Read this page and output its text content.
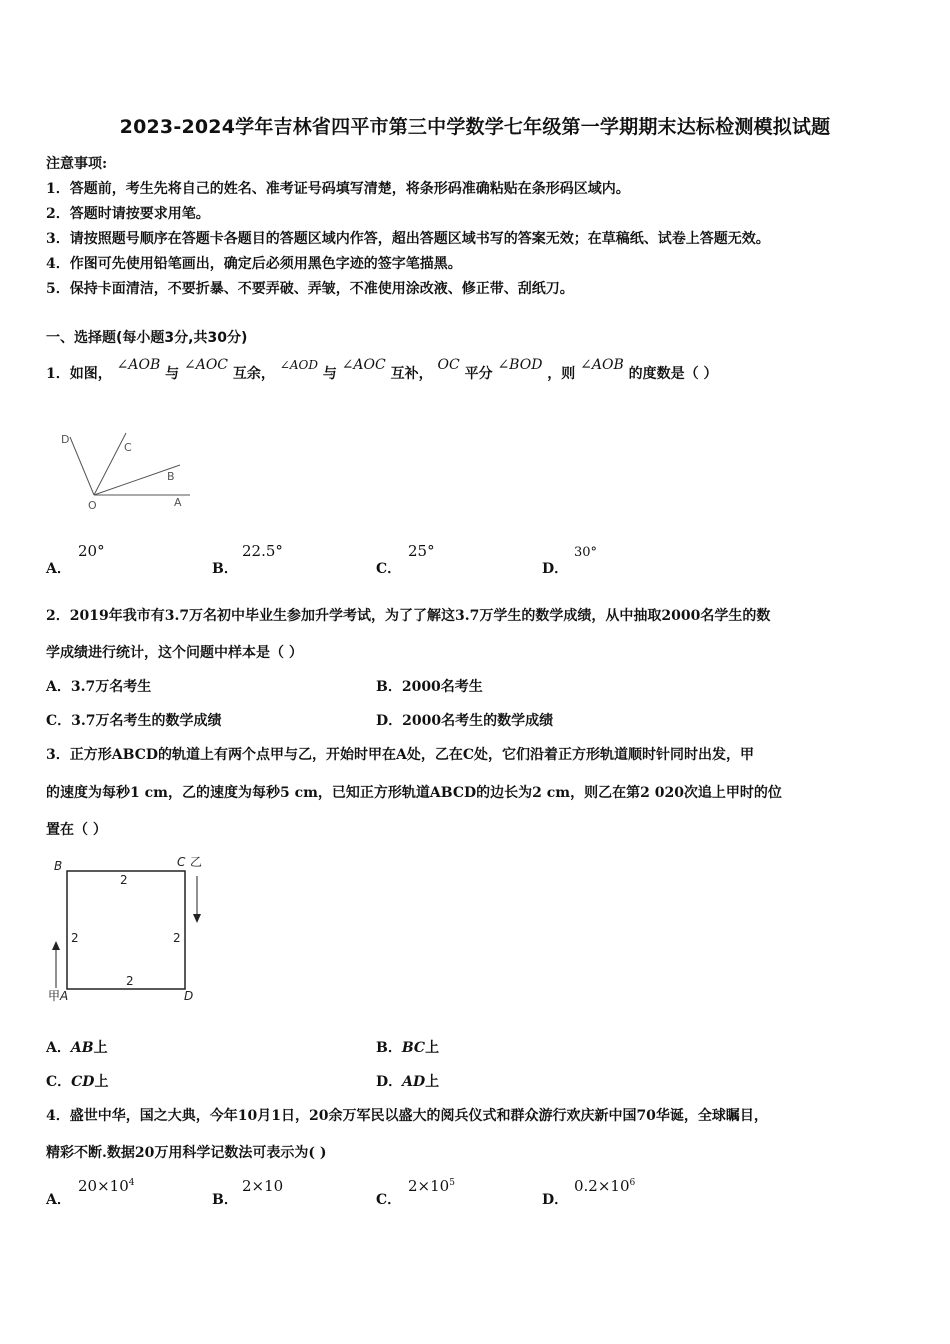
2023-2024学年吉林省四平市第三中学数学七年级第一学期期末达标检测模拟试题
注意事项:
1．答题前，考生先将自己的姓名、准考证号码填写清楚，将条形码准确粘贴在条形码区域内。
2．答题时请按要求用笔。
3．请按照题号顺序在答题卡各题目的答题区域内作答，超出答题区域书写的答案无效；在草稿纸、试卷上答题无效。
4．作图可先使用铅笔画出，确定后必须用黑色字迹的签字笔描黑。
5．保持卡面清洁，不要折暴、不要弄破、弄皱，不准使用涂改液、修正带、刮纸刀。
一、选择题(每小题3分,共30分)
1．如图， ∠AOB 与 ∠AOC 互余， ∠AOD 与 ∠AOC 互补， OC 平分 ∠BOD ，则 ∠AOB 的度数是（ ）
D
C
B
O	A
A．
20°
B．
22.5°
C．
25°
D．
30°
2．2019年我市有3.7万名初中毕业生参加升学考试，为了了解这3.7万学生的数学成绩，从中抽取2000名学生的数
学成绩进行统计，这个问题中样本是（ ）
A．3.7万名考生	B．2000名考生
C．3.7万名考生的数学成绩	D．2000名考生的数学成绩
3．正方形ABCD的轨道上有两个点甲与乙，开始时甲在A处，乙在C处，它们沿着正方形轨道顺时针同时出发，甲
的速度为每秒1 cm，乙的速度为每秒5 cm，已知正方形轨道ABCD的边长为2 cm，则乙在第2 020次追上甲时的位
置在（ ）
B	C 乙
甲 A	D
2
2	2
2
A．AB上	B．BC上
C．CD上	D．AD上
4．盛世中华，国之大典，今年10月1日，20余万军民以盛大的阅兵仪式和群众游行欢庆新中国70华诞，全球瞩目，
精彩不断.数据20万用科学记数法可表示为( )
A．
$20\times 10^4$
B．
2×10
C．
$2\times 10^5$
D．
$0.2\times 10^6$
